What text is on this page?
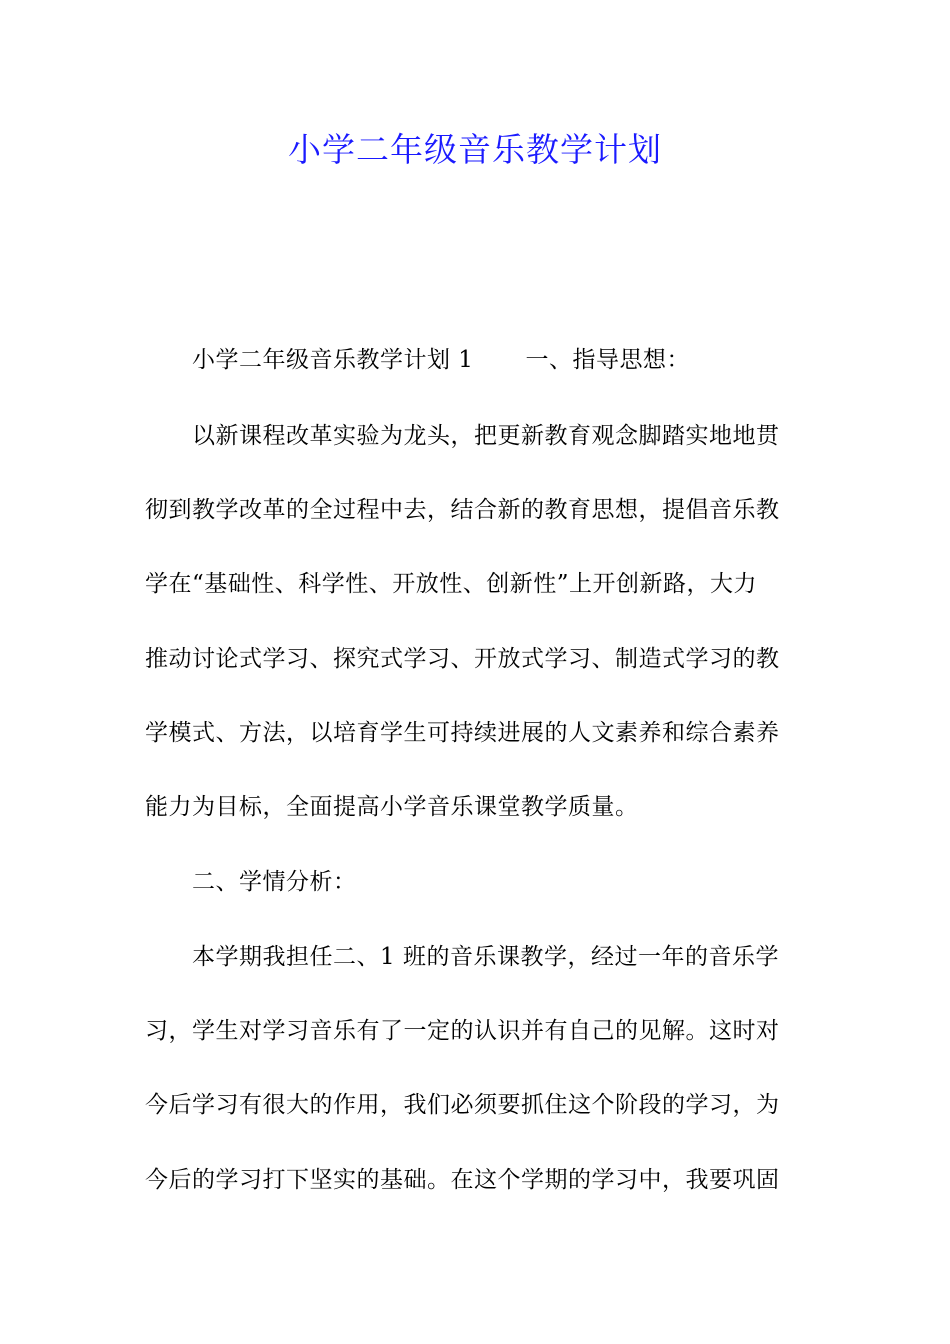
小学二年级音乐教学计划
小学二年级音乐教学计划 1 一、指导思想：
以新课程改革实验为龙头，把更新教育观念脚踏实地地贯
彻到教学改革的全过程中去，结合新的教育思想，提倡音乐教
学在“基础性、科学性、开放性、创新性”上开创新路，大力
推动讨论式学习、探究式学习、开放式学习、制造式学习的教
学模式、方法，以培育学生可持续进展的人文素养和综合素养
能力为目标，全面提高小学音乐课堂教学质量。
二、学情分析：
本学期我担任二、1 班的音乐课教学，经过一年的音乐学
习，学生对学习音乐有了一定的认识并有自己的见解。这时对
今后学习有很大的作用，我们必须要抓住这个阶段的学习，为
今后的学习打下坚实的基础。在这个学期的学习中，我要巩固
